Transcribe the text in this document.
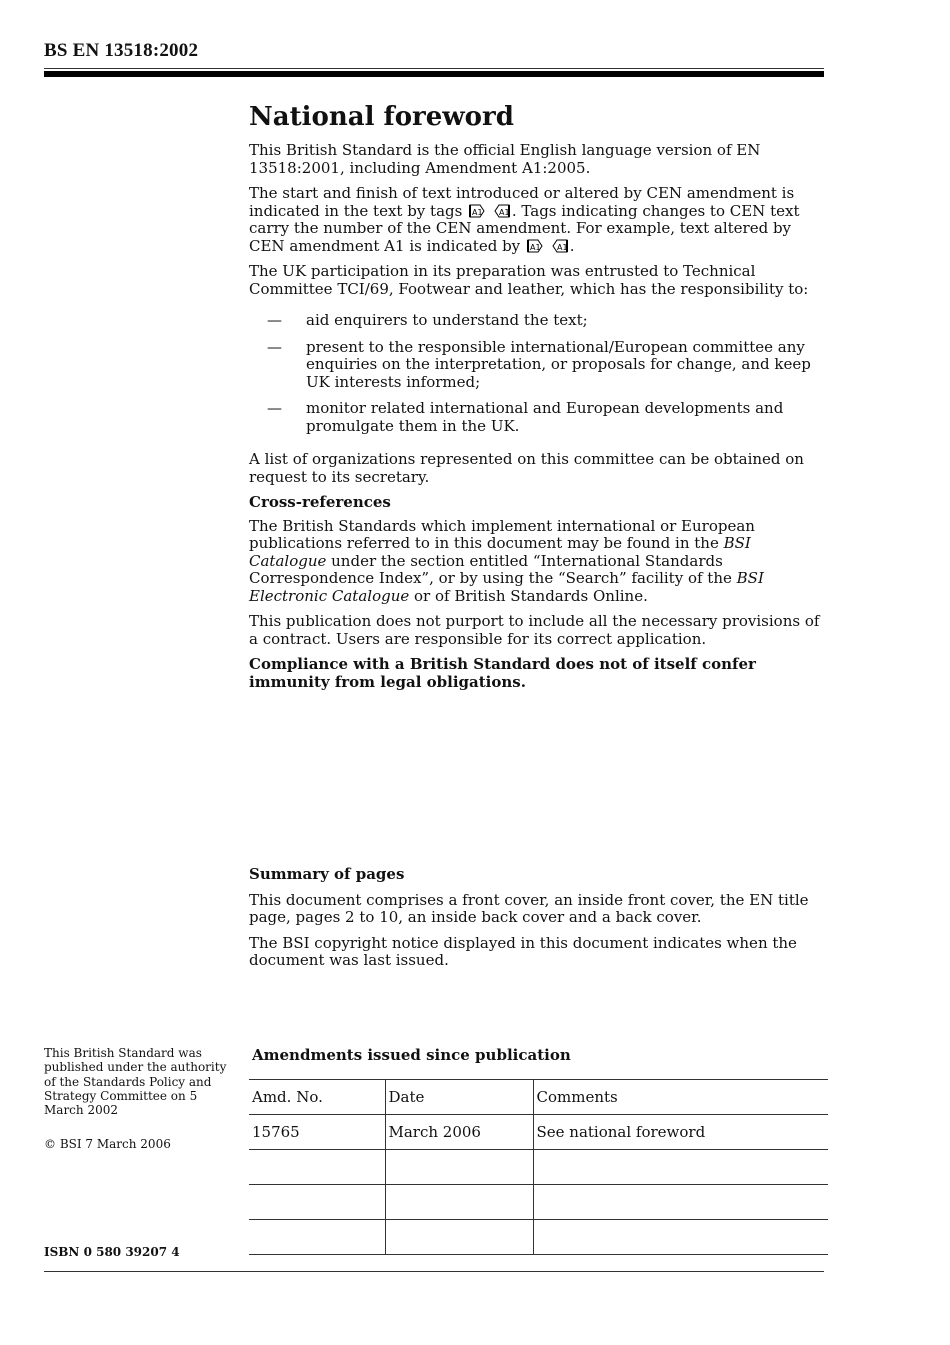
BS EN 13518:2002
National foreword

This British Standard is the official English language version of EN 13518:2001, including Amendment A1:2005.

The start and finish of text introduced or altered by CEN amendment is indicated in the text by tags A1
A1 . Tags indicating changes to CEN text carry the number of the CEN amendment. For example, text altered by CEN amendment A1 is indicated by A1
A1 .

The UK participation in its preparation was entrusted to Technical Committee TCI/69, Footwear and leather, which has the responsibility to:

— aid enquirers to understand the text;
— present to the responsible international/European committee any enquiries on the interpretation, or proposals for change, and keep UK interests informed;
— monitor related international and European developments and promulgate them in the UK.

A list of organizations represented on this committee can be obtained on request to its secretary.

Cross-references

The British Standards which implement international or European publications referred to in this document may be found in the BSI Catalogue under the section entitled “International Standards Correspondence Index”, or by using the “Search” facility of the BSI Electronic Catalogue or of British Standards Online.

This publication does not purport to include all the necessary provisions of a contract. Users are responsible for its correct application.

Compliance with a British Standard does not of itself confer immunity from legal obligations.

Summary of pages

This document comprises a front cover, an inside front cover, the EN title page, pages 2 to 10, an inside back cover and a back cover.

The BSI copyright notice displayed in this document indicates when the document was last issued.

This British Standard was published under the authority of the Standards Policy and Strategy Committee on 5 March 2002

© BSI 7 March 2006

ISBN 0 580 39207 4
Amendments issued since publication
Amd. No.	Date	Comments
15765	March 2006	See national foreword
